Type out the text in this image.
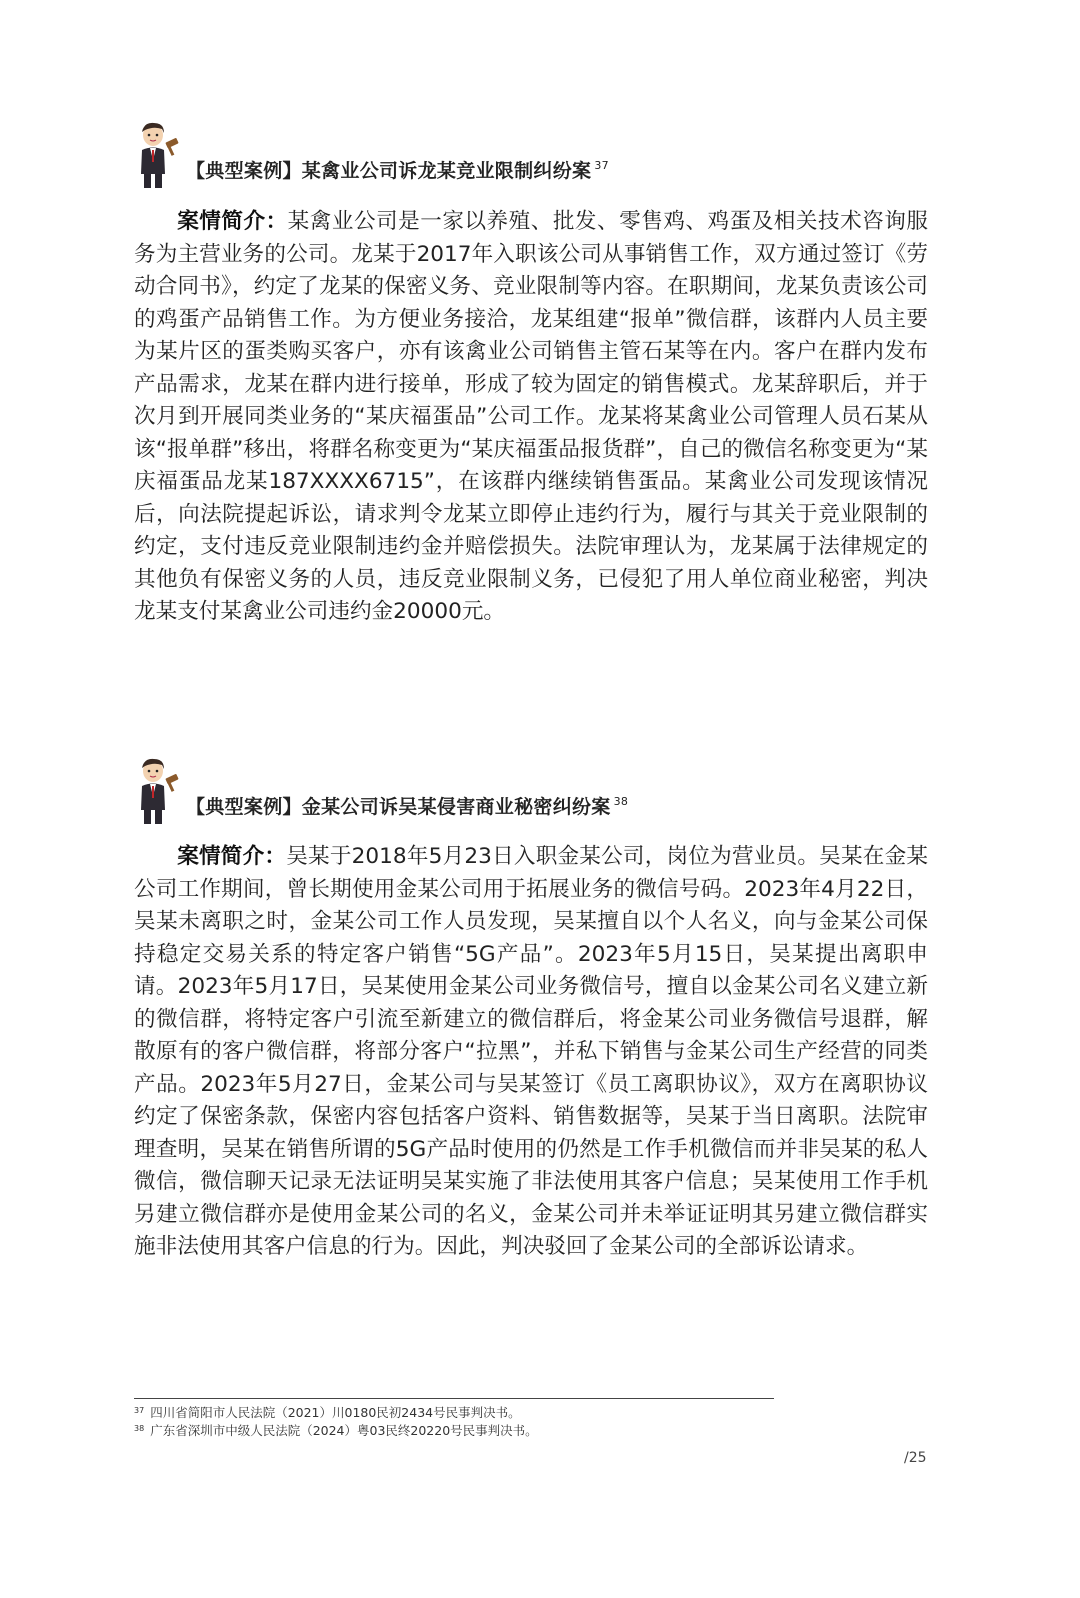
【典型案例】某禽业公司诉龙某竞业限制纠纷案 $^{37}$

案情简介：某禽业公司是一家以养殖、批发、零售鸡、鸡蛋及相关技术咨询服务为主营业务的公司。龙某于2017年入职该公司从事销售工作，双方通过签订《劳动合同书》，约定了龙某的保密义务、竞业限制等内容。在职期间，龙某负责该公司的鸡蛋产品销售工作。为方便业务接洽，龙某组建“报单”微信群，该群内人员主要为某片区的蛋类购买客户，亦有该禽业公司销售主管石某等在内。客户在群内发布产品需求，龙某在群内进行接单，形成了较为固定的销售模式。龙某辞职后，并于次月到开展同类业务的“某庆福蛋品”公司工作。龙某将某禽业公司管理人员石某从该“报单群”移出，将群名称变更为“某庆福蛋品报货群”，自己的微信名称变更为“某庆福蛋品龙某187XXXX6715”，在该群内继续销售蛋品。某禽业公司发现该情况后，向法院提起诉讼，请求判令龙某立即停止违约行为，履行与其关于竞业限制的约定，支付违反竞业限制违约金并赔偿损失。法院审理认为，龙某属于法律规定的其他负有保密义务的人员，违反竞业限制义务，已侵犯了用人单位商业秘密，判决龙某支付某禽业公司违约金20000元。

【典型案例】金某公司诉吴某侵害商业秘密纠纷案 $^{38}$

案情简介：吴某于2018年5月23日入职金某公司，岗位为营业员。吴某在金某公司工作期间，曾长期使用金某公司用于拓展业务的微信号码。2023年4月22日，吴某未离职之时，金某公司工作人员发现，吴某擅自以个人名义，向与金某公司保持稳定交易关系的特定客户销售“5G产品”。2023年5月15日，吴某提出离职申请。2023年5月17日，吴某使用金某公司业务微信号，擅自以金某公司名义建立新的微信群，将特定客户引流至新建立的微信群后，将金某公司业务微信号退群，解散原有的客户微信群，将部分客户“拉黑”，并私下销售与金某公司生产经营的同类产品。2023年5月27日，金某公司与吴某签订《员工离职协议》，双方在离职协议约定了保密条款，保密内容包括客户资料、销售数据等，吴某于当日离职。法院审理查明，吴某在销售所谓的5G产品时使用的仍然是工作手机微信而并非吴某的私人微信，微信聊天记录无法证明吴某实施了非法使用其客户信息；吴某使用工作手机另建立微信群亦是使用金某公司的名义，金某公司并未举证证明其另建立微信群实施非法使用其客户信息的行为。因此，判决驳回了金某公司的全部诉讼请求。

$^{37}$ 四川省简阳市人民法院（2021）川0180民初2434号民事判决书。
$^{38}$ 广东省深圳市中级人民法院（2024）粤03民终20220号民事判决书。
/25
